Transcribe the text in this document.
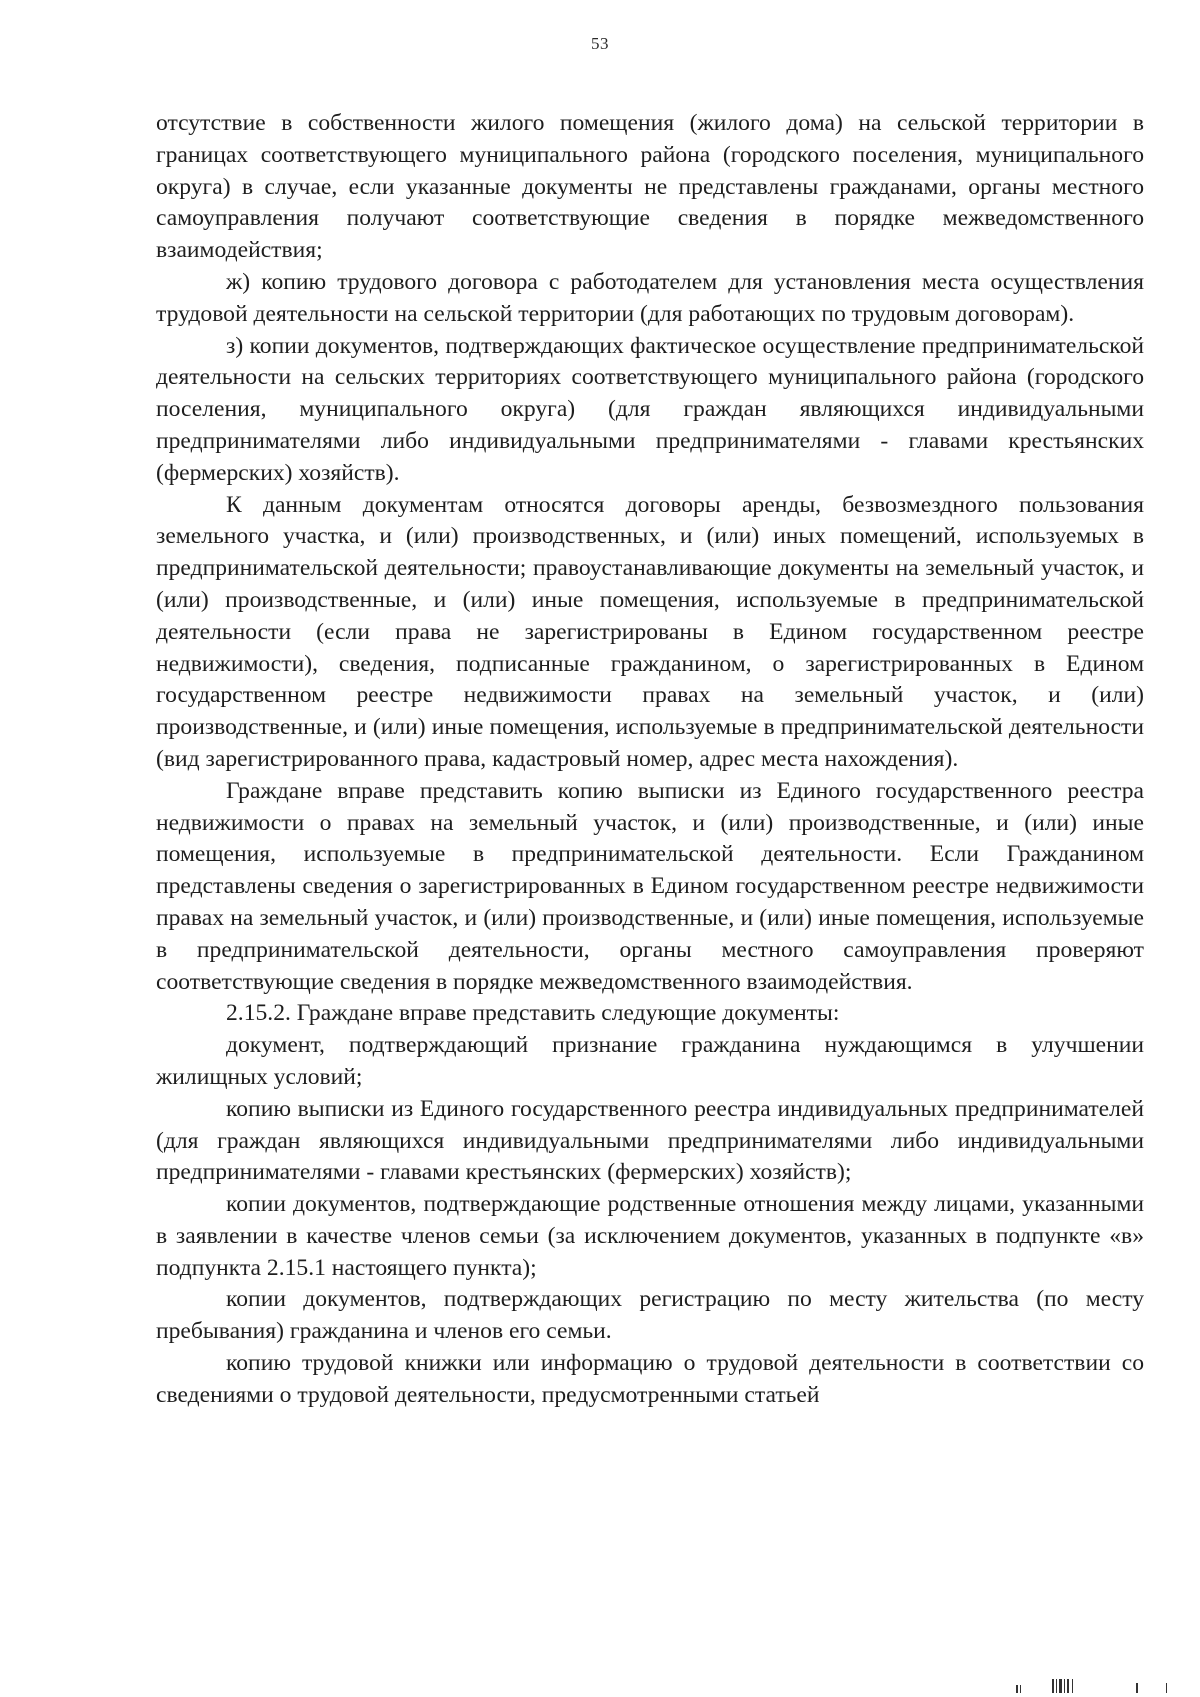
53

отсутствие в собственности жилого помещения (жилого дома) на сельской территории в границах соответствующего муниципального района (городского поселения, муниципального округа) в случае, если указанные документы не представлены гражданами, органы местного самоуправления получают соответствующие сведения в порядке межведомственного взаимодействия;

ж) копию трудового договора с работодателем для установления места осуществления трудовой деятельности на сельской территории (для работающих по трудовым договорам).

з) копии документов, подтверждающих фактическое осуществление предпринимательской деятельности на сельских территориях соответствующего муниципального района (городского поселения, муниципального округа) (для граждан являющихся индивидуальными предпринимателями либо индивидуальными предпринимателями - главами крестьянских (фермерских) хозяйств).

К данным документам относятся договоры аренды, безвозмездного пользования земельного участка, и (или) производственных, и (или) иных помещений, используемых в предпринимательской деятельности; правоустанавливающие документы на земельный участок, и (или) производственные, и (или) иные помещения, используемые в предпринимательской деятельности (если права не зарегистрированы в Едином государственном реестре недвижимости), сведения, подписанные гражданином, о зарегистрированных в Едином государственном реестре недвижимости правах на земельный участок, и (или) производственные, и (или) иные помещения, используемые в предпринимательской деятельности (вид зарегистрированного права, кадастровый номер, адрес места нахождения).

Граждане вправе представить копию выписки из Единого государственного реестра недвижимости о правах на земельный участок, и (или) производственные, и (или) иные помещения, используемые в предпринимательской деятельности. Если Гражданином представлены сведения о зарегистрированных в Едином государственном реестре недвижимости правах на земельный участок, и (или) производственные, и (или) иные помещения, используемые в предпринимательской деятельности, органы местного самоуправления проверяют соответствующие сведения в порядке межведомственного взаимодействия.

2.15.2. Граждане вправе представить следующие документы:

документ, подтверждающий признание гражданина нуждающимся в улучшении жилищных условий;

копию выписки из Единого государственного реестра индивидуальных предпринимателей (для граждан являющихся индивидуальными предпринимателями либо индивидуальными предпринимателями - главами крестьянских (фермерских) хозяйств);

копии документов, подтверждающие родственные отношения между лицами, указанными в заявлении в качестве членов семьи (за исключением документов, указанных в подпункте «в» подпункта 2.15.1 настоящего пункта);

копии документов, подтверждающих регистрацию по месту жительства (по месту пребывания) гражданина и членов его семьи.

копию трудовой книжки или информацию о трудовой деятельности в соответствии со сведениями о трудовой деятельности, предусмотренными статьей
